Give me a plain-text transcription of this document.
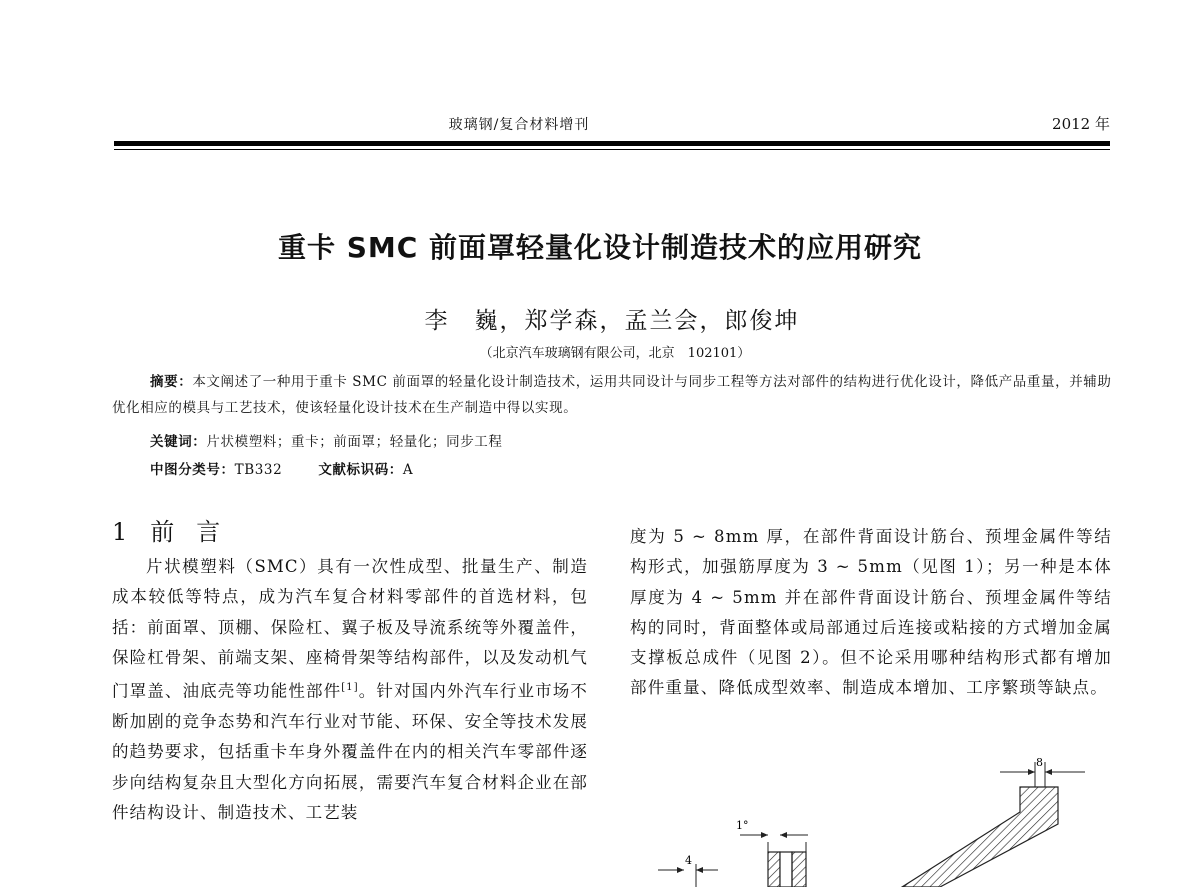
玻璃钢/复合材料增刊	2012 年
重卡 SMC 前面罩轻量化设计制造技术的应用研究
李　巍，郑学森，孟兰会，郎俊坤
（北京汽车玻璃钢有限公司，北京　102101）
摘要：本文阐述了一种用于重卡 SMC 前面罩的轻量化设计制造技术，运用共同设计与同步工程等方法对部件的结构进行优化设计，降低产品重量，并辅助优化相应的模具与工艺技术，使该轻量化设计技术在生产制造中得以实现。
关键词：片状模塑料；重卡；前面罩；轻量化；同步工程
中图分类号：TB332	文献标识码：A
1 前言

片状模塑料（SMC）具有一次性成型、批量生产、制造成本较低等特点，成为汽车复合材料零部件的首选材料，包括：前面罩、顶棚、保险杠、翼子板及导流系统等外覆盖件，保险杠骨架、前端支架、座椅骨架等结构部件，以及发动机气门罩盖、油底壳等功能性部件[1]。针对国内外汽车行业市场不断加剧的竞争态势和汽车行业对节能、环保、安全等技术发展的趋势要求，包括重卡车身外覆盖件在内的相关汽车零部件逐步向结构复杂且大型化方向拓展，需要汽车复合材料企业在部件结构设计、制造技术、工艺装

度为 5 ~ 8mm 厚，在部件背面设计筋台、预埋金属件等结构形式，加强筋厚度为 3 ~ 5mm（见图 1）；另一种是本体厚度为 4 ~ 5mm 并在部件背面设计筋台、预埋金属件等结构的同时，背面整体或局部通过后连接或粘接的方式增加金属支撑板总成件（见图 2）。但不论采用哪种结构形式都有增加部件重量、降低成型效率、制造成本增加、工序繁琐等缺点。

8
1°
4
